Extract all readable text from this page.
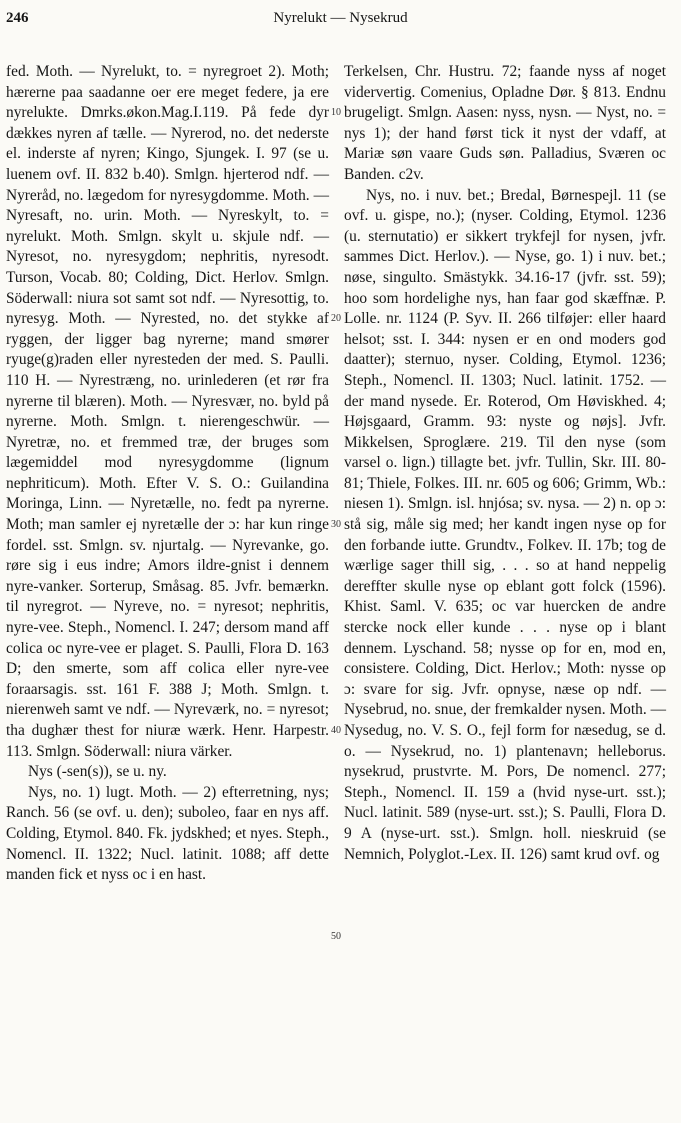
246	Nyrelukt — Nysekrud

fed. Moth. — Nyrelukt, to. = nyregroet 2). Moth; hærerne paa saadanne oer ere meget federe, ja ere nyrelukte. Dmrks.økon.Mag.I.119. På fede dyr dækkes nyren af tælle. — Nyrerod, no. det nederste el. inderste af nyren; Kingo, Sjungek. I. 97 (se u. luenem ovf. II. 832 b.40). Smlgn. hjerterod ndf. — Nyreråd, no. lægedom for nyresygdomme. Moth. — Nyresaft, no. urin. Moth. — Nyreskylt, to. = nyrelukt. Moth. Smlgn. skylt u. skjule ndf. — Nyresot, no. nyresygdom; nephritis, nyresodt. Turson, Vocab. 80; Colding, Dict. Herlov. Smlgn. Söderwall: niura sot samt sot ndf. — Nyresottig, to. nyresyg. Moth. — Nyrested, no. det stykke af ryggen, der ligger bag nyrerne; mand smører ryuge(g)raden eller nyresteden der med. S. Paulli. 110 H. — Nyrestræng, no. urinlederen (et rør fra nyrerne til blæren). Moth. — Nyresvær, no. byld på nyrerne. Moth. Smlgn. t. nierengeschwür. — Nyretræ, no. et fremmed træ, der bruges som lægemiddel mod nyresygdomme (lignum nephriticum). Moth. Efter V. S. O.: Guilandina Moringa, Linn. — Nyretælle, no. fedt pa nyrerne. Moth; man samler ej nyretælle der ɔ: har kun ringe fordel. sst. Smlgn. sv. njurtalg. — Nyrevanke, go. røre sig i eus indre; Amors ildre-gnist i dennem nyre-vanker. Sorterup, Småsag. 85. Jvfr. bemærkn. til nyregrot. — Nyreve, no. = nyresot; nephritis, nyre-vee. Steph., Nomencl. I. 247; dersom mand aff colica oc nyre-vee er plaget. S. Paulli, Flora D. 163 D; den smerte, som aff colica eller nyre-vee foraarsagis. sst. 161 F. 388 J; Moth. Smlgn. t. nierenweh samt ve ndf. — Nyreværk, no. = nyresot; tha dughær thest for niuræ wærk. Henr. Harpestr. 113. Smlgn. Söderwall: niura värker.

Nys (-sen(s)), se u. ny.

Nys, no. 1) lugt. Moth. — 2) efterretning, nys; Ranch. 56 (se ovf. u. den); suboleo, faar en nys aff. Colding, Etymol. 840. Fk. jydskhed; et nyes. Steph., Nomencl. II. 1322; Nucl. latinit. 1088; aff dette manden fick et nyss oc i en hast.

10
20
30
40
50

Terkelsen, Chr. Hustru. 72; faande nyss af noget vidervertig. Comenius, Opladne Dør. § 813. Endnu brugeligt. Smlgn. Aasen: nyss, nysn. — Nyst, no. = nys 1); der hand først tick it nyst der vdaff, at Mariæ søn vaare Guds søn. Palladius, Sværen oc Banden. c2v.

Nys, no. i nuv. bet.; Bredal, Børnespejl. 11 (se ovf. u. gispe, no.); (nyser. Colding, Etymol. 1236 (u. sternutatio) er sikkert trykfejl for nysen, jvfr. sammes Dict. Herlov.). — Nyse, go. 1) i nuv. bet.; nøse, singulto. Smästykk. 34.16-17 (jvfr. sst. 59); hoo som hordelighe nys, han faar god skæffnæ. P. Lolle. nr. 1124 (P. Syv. II. 266 tilføjer: eller haard helsot; sst. I. 344: nysen er en ond moders god daatter); sternuo, nyser. Colding, Etymol. 1236; Steph., Nomencl. II. 1303; Nucl. latinit. 1752. — der mand nysede. Er. Roterod, Om Høviskhed. 4; Højsgaard, Gramm. 93: nyste og nøjs]. Jvfr. Mikkelsen, Sproglære. 219. Til den nyse (som varsel o. lign.) tillagte bet. jvfr. Tullin, Skr. III. 80-81; Thiele, Folkes. III. nr. 605 og 606; Grimm, Wb.: niesen 1). Smlgn. isl. hnjósa; sv. nysa. — 2) n. op ɔ: stå sig, måle sig med; her kandt ingen nyse op for den forbande iutte. Grundtv., Folkev. II. 17b; tog de wærlige sager thill sig, . . . so at hand neppelig dereffter skulle nyse op eblant gott folck (1596). Khist. Saml. V. 635; oc var huercken de andre stercke nock eller kunde . . . nyse op i blant dennem. Lyschand. 58; nysse op for en, mod en, consistere. Colding, Dict. Herlov.; Moth: nysse op ɔ: svare for sig. Jvfr. opnyse, næse op ndf. — Nysebrud, no. snue, der fremkalder nysen. Moth. — Nysedug, no. V. S. O., fejl form for næsedug, se d. o. — Nysekrud, no. 1) plantenavn; helleborus. nysekrud, prustvrte. M. Pors, De nomencl. 277; Steph., Nomencl. II. 159 a (hvid nyse-urt. sst.); Nucl. latinit. 589 (nyse-urt. sst.); S. Paulli, Flora D. 9 A (nyse-urt. sst.). Smlgn. holl. nieskruid (se Nemnich, Polyglot.-Lex. II. 126) samt krud ovf. og
